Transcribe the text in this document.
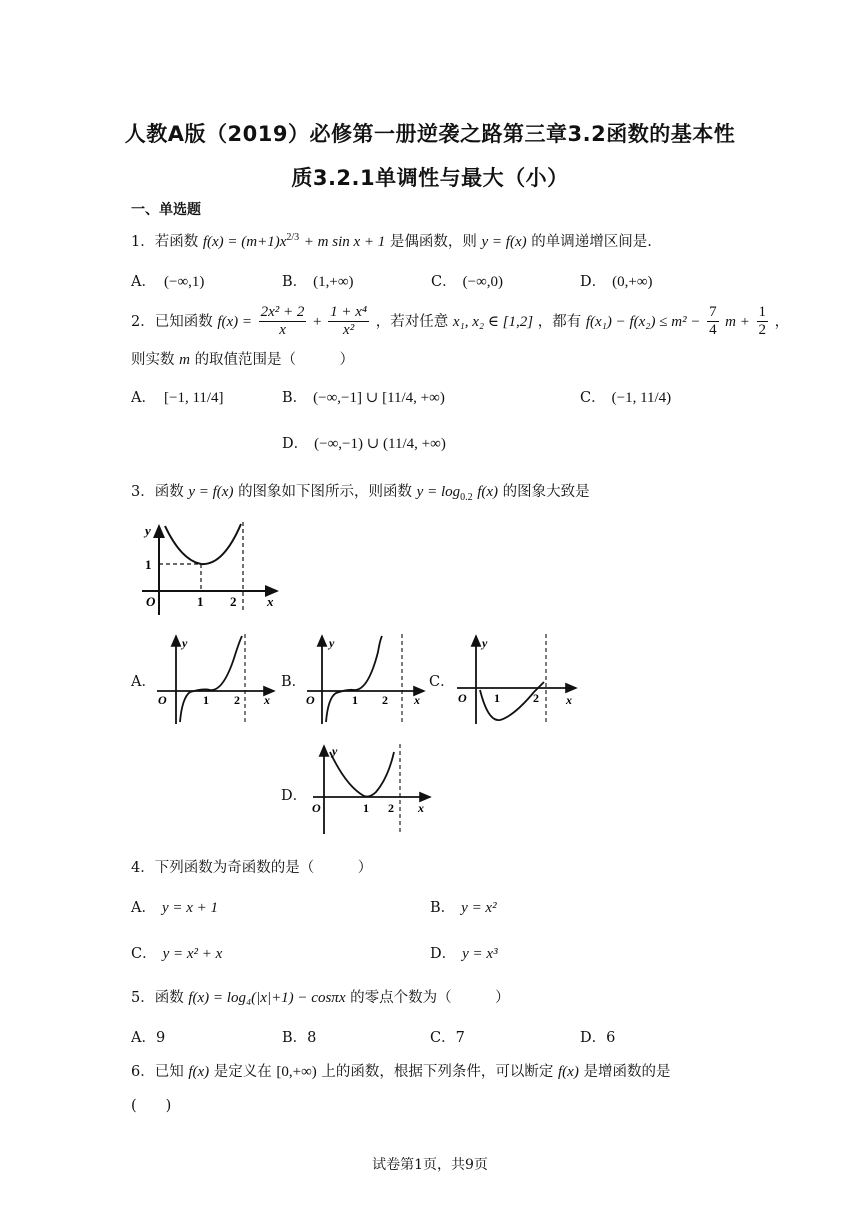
人教A版（2019）必修第一册逆袭之路第三章3.2函数的基本性
质3.2.1单调性与最大（小）
一、单选题
1．若函数 $f(x) = (m+1)x^{2/3} + m$ sin x + 1 是偶函数，则 y = f(x) 的单调递增区间是.
A． (−∞,1)	B． (1,+∞)	C． (−∞,0)	D． (0,+∞)
2．已知函数 $f(x) = \frac{\text{2x² + 2}}{x} + \frac{\text{1 + x⁴}}{\text{x²}}$ ，若对任意 x₁, x₂ ∈ [1,2] ，都有 $f(x_1) - f(x_2) \le m^2 - \frac{7}{4}$ $m + \frac{1}{2}$ ，
则实数 m 的取值范围是（　　　）
A． [−1, 11/4]	B． (−∞,−1] ∪ [11/4, +∞)	C． (−1, 11/4)
D． (−∞,−1) ∪ (11/4, +∞)
3．函数 y = f(x) 的图象如下图所示，则函数 $y = \log_{0.2} f(x)$ 的图象大致是
y
1
O	1 2 x
A．
y
O	1 2 x
B．
y
O	1 2 x
C．
y
O 1	2 x
D．
y
O	1 2 x
4．下列函数为奇函数的是（　　　）
A． y = x + 1	B． y = x²
C． y = x² + x	D． y = x³
5．函数 f(x) = log₄(|x|+1) − cosπx 的零点个数为（　　　）
A．9	B．8	C．7	D．6
6．已知 f(x) 是定义在 [0,+∞) 上的函数，根据下列条件，可以断定 f(x) 是增函数的是
(　　)
试卷第1页，共9页
